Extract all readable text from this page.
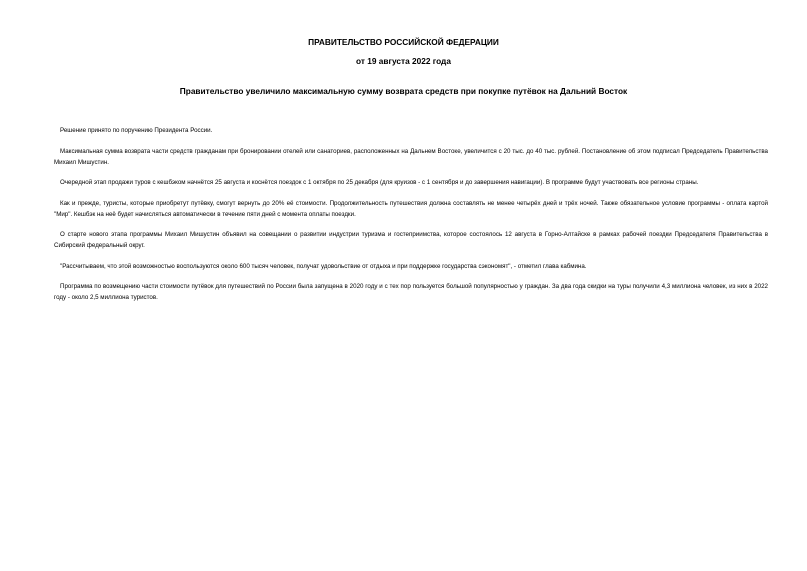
ПРАВИТЕЛЬСТВО РОССИЙСКОЙ ФЕДЕРАЦИИ
от 19 августа 2022 года
Правительство увеличило максимальную сумму возврата средств при покупке путёвок на Дальний Восток

Решение принято по поручению Президента России.

Максимальная сумма возврата части средств гражданам при бронировании отелей или санаториев, расположенных на Дальнем Востоке, увеличится с 20 тыс. до 40 тыс. рублей. Постановление об этом подписал Председатель Правительства Михаил Мишустин.

Очередной этап продажи туров с кешбэком начнётся 25 августа и коснётся поездок с 1 октября по 25 декабря (для круизов - с 1 сентября и до завершения навигации). В программе будут участвовать все регионы страны.

Как и прежде, туристы, которые приобретут путёвку, смогут вернуть до 20% её стоимости. Продолжительность путешествия должна составлять не менее четырёх дней и трёх ночей. Также обязательное условие программы - оплата картой "Мир". Кешбэк на неё будет начисляться автоматически в течение пяти дней с момента оплаты поездки.

О старте нового этапа программы Михаил Мишустин объявил на совещании о развитии индустрии туризма и гостеприимства, которое состоялось 12 августа в Горно-Алтайске в рамках рабочей поездки Председателя Правительства в Сибирский федеральный округ.

"Рассчитываем, что этой возможностью воспользуются около 600 тысяч человек, получат удовольствие от отдыха и при поддержке государства сэкономят", - отметил глава кабмина.

Программа по возмещению части стоимости путёвок для путешествий по России была запущена в 2020 году и с тех пор пользуется большой популярностью у граждан. За два года скидки на туры получили 4,3 миллиона человек, из них в 2022 году - около 2,5 миллиона туристов.
